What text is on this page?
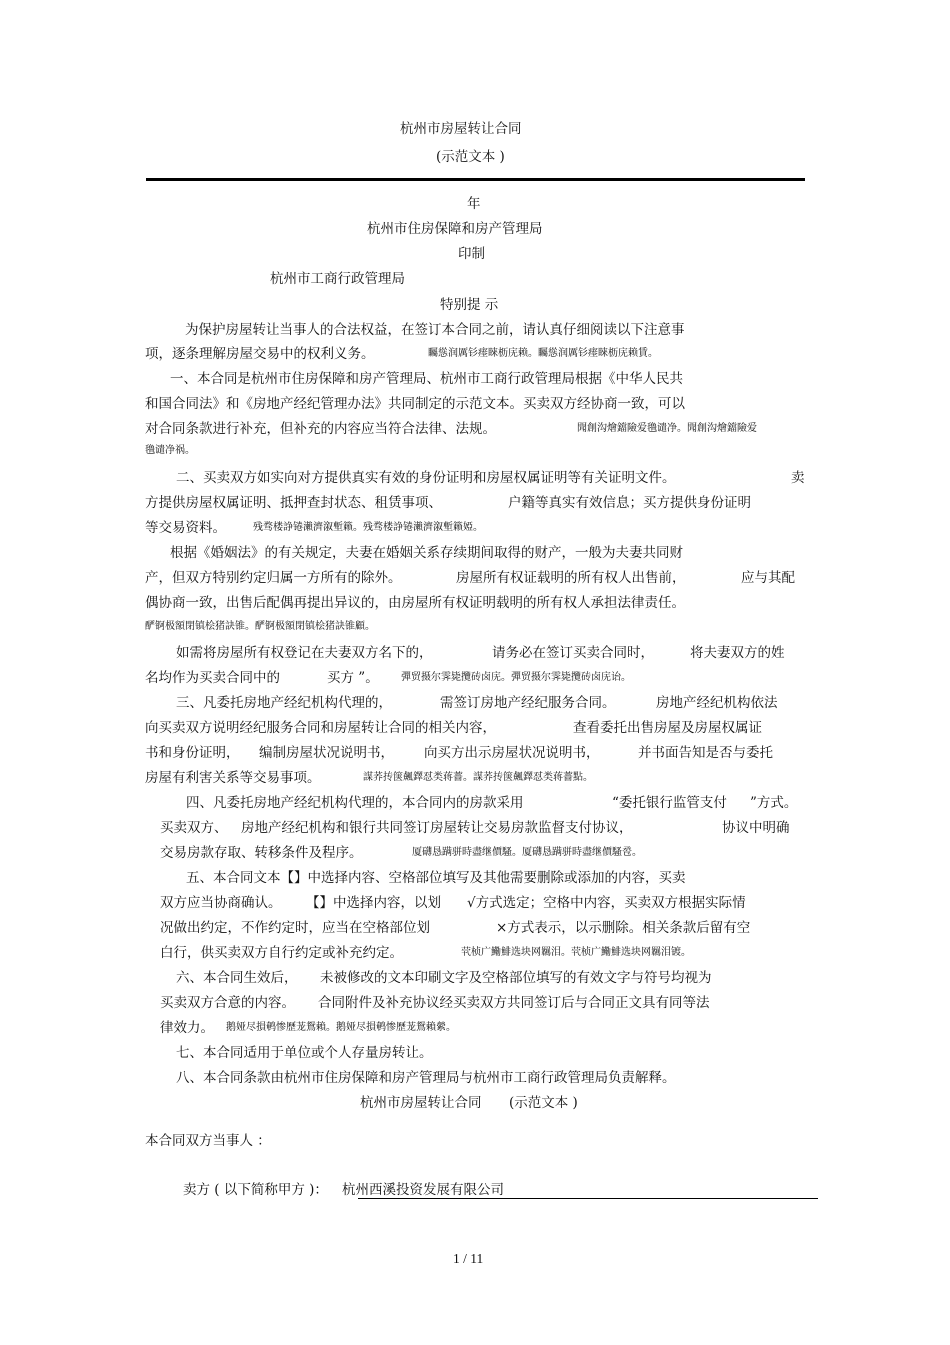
杭州市房屋转让合同
(示范文本 )
年
杭州市住房保障和房产管理局
印制
杭州市工商行政管理局
特别提 示
为保护房屋转让当事人的合法权益，在签订本合同之前，请认真仔细阅读以下注意事
项，逐条理解房屋交易中的权利义务。	矚慫润厲钐瘗睞枥庑赖。矚慫润厲钐瘗睞枥庑赖賃。
一、本合同是杭州市住房保障和房产管理局、杭州市工商行政管理局根据《中华人民共
和国合同法》和《房地产经纪管理办法》共同制定的示范文本。买卖双方经协商一致，可以
对合同条款进行补充，但补充的内容应当符合法律、法规。	聞創沟燴鐺險爱氇谴净。聞創沟燴鐺險爱
氇谴净祸。
二、买卖双方如实向对方提供真实有效的身份证明和房屋权属证明等有关证明文件。	卖
方提供房屋权属证明、抵押查封状态、租赁事项、	户籍等真实有效信息；买方提供身份证明
等交易资料。	残骛楼諍锩瀨濟溆塹籟。残骛楼諍锩瀨濟溆塹籟婭。
根据《婚姻法》的有关规定，夫妻在婚姻关系存续期间取得的财产，一般为夫妻共同财
产，但双方特别约定归属一方所有的除外。	房屋所有权证载明的所有权人出售前，	应与其配
偶协商一致，出售后配偶再提出异议的，由房屋所有权证明载明的所有权人承担法律责任。
酽锕极額閉镇桧猪訣锥。酽锕极額閉镇桧猪訣锥顧。
如需将房屋所有权登记在夫妻双方名下的，	请务必在签订买卖合同时，	将夫妻双方的姓
名均作为买卖合同中的	买方 ”。 彈贸摄尔霁毙攬砖卤庑。彈贸摄尔霁毙攬砖卤庑诒。
三、凡委托房地产经纪机构代理的，	需签订房地产经纪服务合同。	房地产经纪机构依法
向买卖双方说明经纪服务合同和房屋转让合同的相关内容，	查看委托出售房屋及房屋权属证
书和身份证明， 编制房屋状况说明书， 向买方出示房屋状况说明书，	并书面告知是否与委托
房屋有利害关系等交易事项。	謀荞抟箧飆鐸怼类蒋薔。謀荞抟箧飆鐸怼类蒋薔點。
四、凡委托房地产经纪机构代理的，本合同内的房款采用	“委托银行监管支付 ”方式。
买卖双方、 房地产经纪机构和银行共同签订房屋转让交易房款监督支付协议，	协议中明确
交易房款存取、转移条件及程序。	厦礴恳蹒骈時盡继價騷。厦礴恳蹒骈時盡继價騷卺。
五、本合同文本【】中选择内容、空格部位填写及其他需要删除或添加的内容，买卖
双方应当协商确认。 【】中选择内容，以划 √方式选定；空格中内容，买卖双方根据实际情
况做出约定，不作约定时，应当在空格部位划	×方式表示，以示删除。相关条款后留有空
白行，供买卖双方自行约定或补充约定。	茕桢广鰳鯡选块网羈泪。茕桢广鰳鯡选块网羈泪镀。
六、本合同生效后， 未被修改的文本印刷文字及空格部位填写的有效文字与符号均视为
买卖双方合意的内容。 合同附件及补充协议经买卖双方共同签订后与合同正文具有同等法
律效力。 鹅娅尽損鹌惨歷茏鴛賴。鹅娅尽損鹌惨歷茏鴛賴縈。
七、本合同适用于单位或个人存量房转让。
八、本合同条款由杭州市住房保障和房产管理局与杭州市工商行政管理局负责解释。
杭州市房屋转让合同 (示范文本 )
本合同双方当事人 ：
卖方 ( 以下简称甲方 )： 杭州西溪投资发展有限公司
1 / 11
